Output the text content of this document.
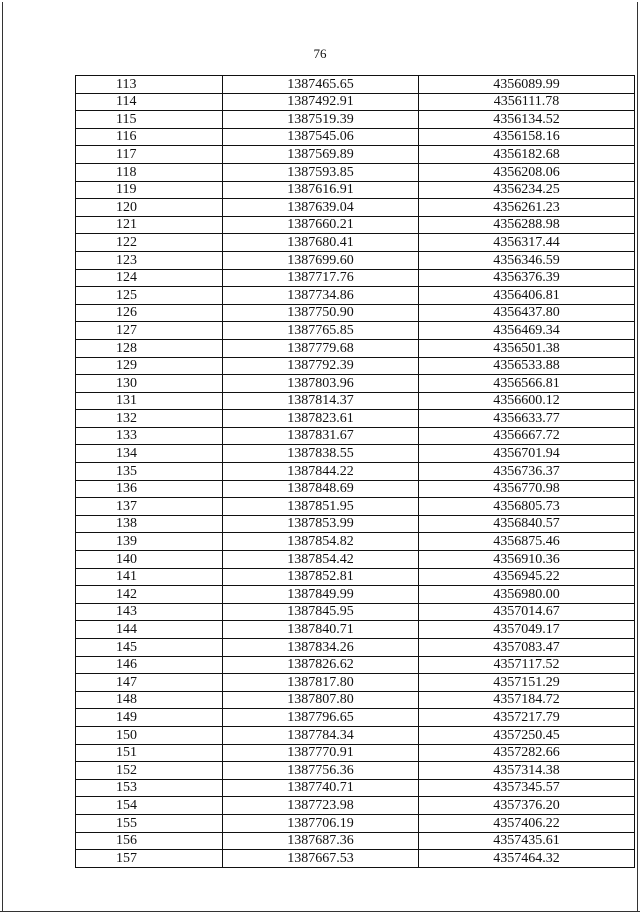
76
113	1387465.65	4356089.99
114	1387492.91	4356111.78
115	1387519.39	4356134.52
116	1387545.06	4356158.16
117	1387569.89	4356182.68
118	1387593.85	4356208.06
119	1387616.91	4356234.25
120	1387639.04	4356261.23
121	1387660.21	4356288.98
122	1387680.41	4356317.44
123	1387699.60	4356346.59
124	1387717.76	4356376.39
125	1387734.86	4356406.81
126	1387750.90	4356437.80
127	1387765.85	4356469.34
128	1387779.68	4356501.38
129	1387792.39	4356533.88
130	1387803.96	4356566.81
131	1387814.37	4356600.12
132	1387823.61	4356633.77
133	1387831.67	4356667.72
134	1387838.55	4356701.94
135	1387844.22	4356736.37
136	1387848.69	4356770.98
137	1387851.95	4356805.73
138	1387853.99	4356840.57
139	1387854.82	4356875.46
140	1387854.42	4356910.36
141	1387852.81	4356945.22
142	1387849.99	4356980.00
143	1387845.95	4357014.67
144	1387840.71	4357049.17
145	1387834.26	4357083.47
146	1387826.62	4357117.52
147	1387817.80	4357151.29
148	1387807.80	4357184.72
149	1387796.65	4357217.79
150	1387784.34	4357250.45
151	1387770.91	4357282.66
152	1387756.36	4357314.38
153	1387740.71	4357345.57
154	1387723.98	4357376.20
155	1387706.19	4357406.22
156	1387687.36	4357435.61
157	1387667.53	4357464.32
